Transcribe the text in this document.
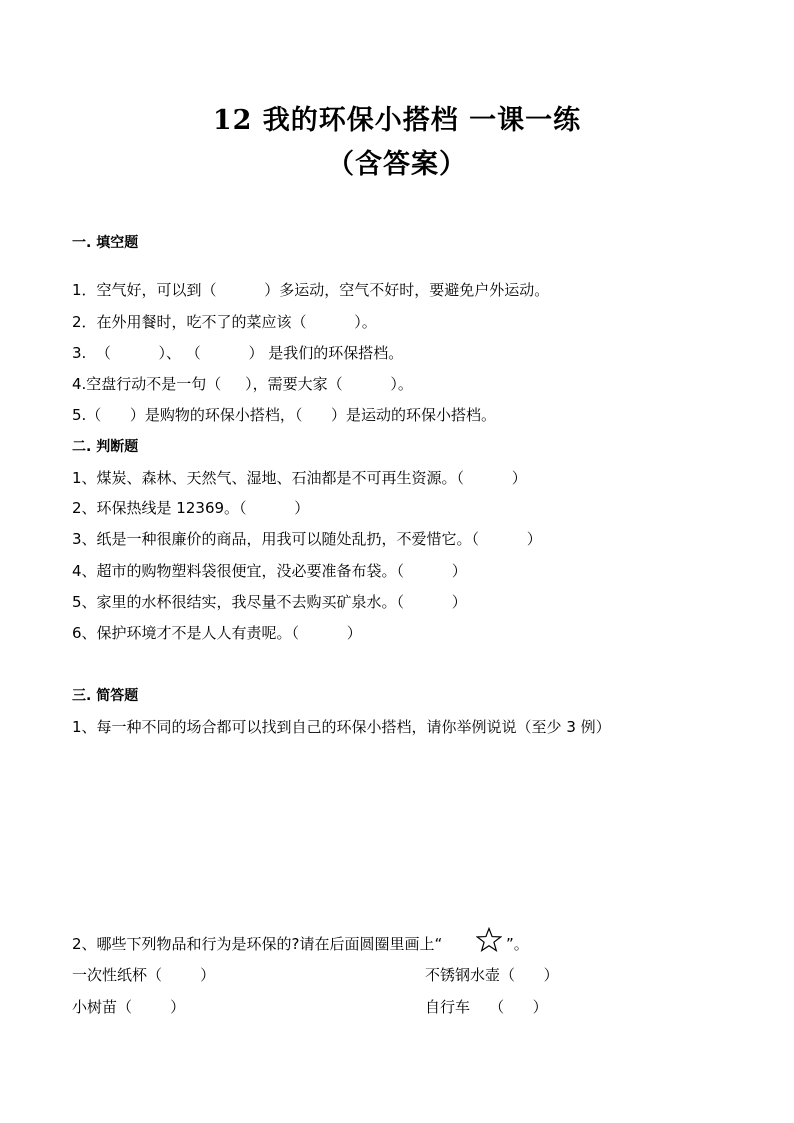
12 我的环保小搭档 一课一练
（含答案）
一. 填空题
1．空气好，可以到（          ）多运动，空气不好时，要避免户外运动。
2．在外用餐时，吃不了的菜应该（          ）。
3.  （          ）、 （          ） 是我们的环保搭档。
4.空盘行动不是一句（     ），需要大家（          ）。
5.（      ）是购物的环保小搭档，（      ）是运动的环保小搭档。
二. 判断题
1、煤炭、森林、天然气、湿地、石油都是不可再生资源。（          ）
2、环保热线是 12369。（          ）
3、纸是一种很廉价的商品，用我可以随处乱扔，不爱惜它。（          ）
4、超市的购物塑料袋很便宜，没必要准备布袋。（          ）
5、家里的水杯很结实，我尽量不去购买矿泉水。（          ）
6、保护环境才不是人人有责呢。（          ）
三. 简答题
1、每一种不同的场合都可以找到自己的环保小搭档，请你举例说说（至少 3 例）
2、哪些下列物品和行为是环保的?请在后面圆圈里画上“	”。
一次性纸杯（        ）	不锈钢水壶（      ）
小树苗（        ）	自行车    （      ）
